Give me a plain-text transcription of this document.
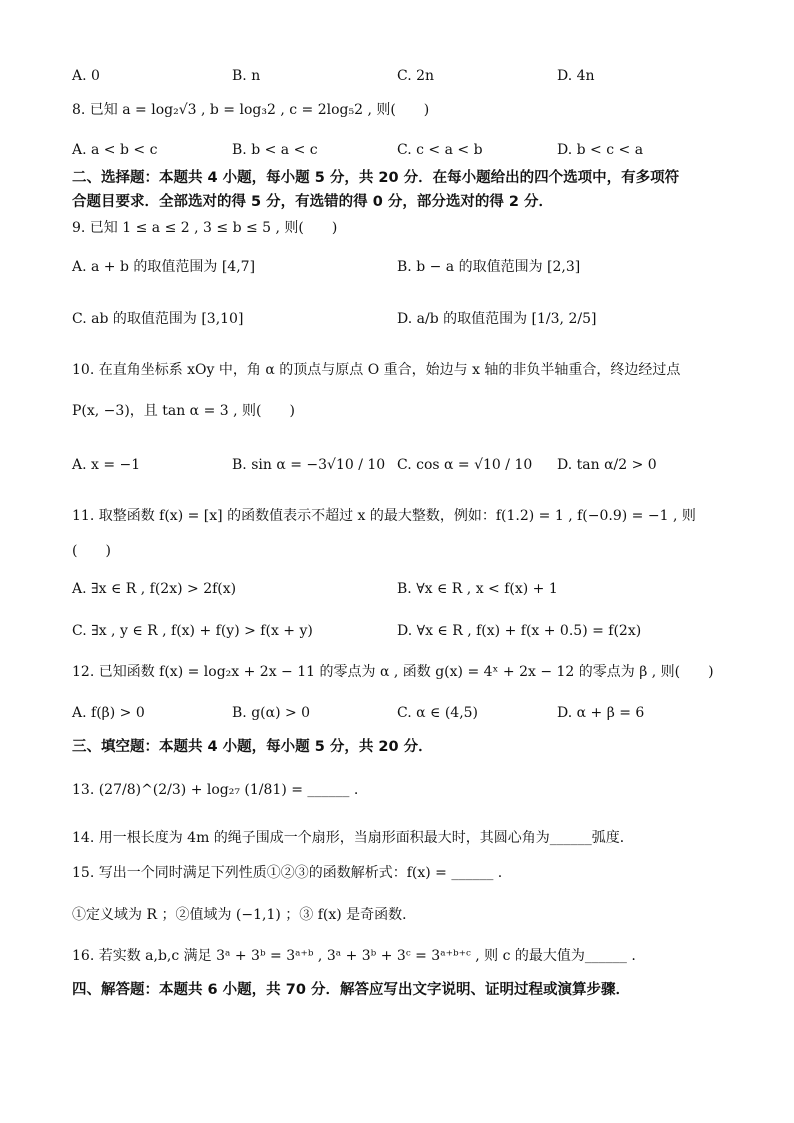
A. 0	B. n	C. 2n	D. 4n
8. 已知 a = log₂√3 , b = log₃2 , c = 2log₅2 , 则(　　)
A. a < b < c	B. b < a < c	C. c < a < b	D. b < c < a
二、选择题：本题共 4 小题，每小题 5 分，共 20 分．在每小题给出的四个选项中，有多项符
合题目要求．全部选对的得 5 分，有选错的得 0 分，部分选对的得 2 分．
9. 已知 1 ≤ a ≤ 2 , 3 ≤ b ≤ 5 , 则(　　)
A. a + b 的取值范围为 [4,7]	B. b − a 的取值范围为 [2,3]
C. ab 的取值范围为 [3,10]	D. a/b 的取值范围为 [1/3, 2/5]
10. 在直角坐标系 xOy 中，角 α 的顶点与原点 O 重合，始边与 x 轴的非负半轴重合，终边经过点
P(x, −3)，且 tan α = 3 , 则(　　)
A. x = −1	B. sin α = −3√10 / 10 C. cos α = √10 / 10 D. tan α/2 > 0
11. 取整函数 f(x) = [x] 的函数值表示不超过 x 的最大整数，例如：f(1.2) = 1 , f(−0.9) = −1 , 则
(　　)
A. ∃x ∈ R , f(2x) > 2f(x)	B. ∀x ∈ R , x < f(x) + 1
C. ∃x , y ∈ R , f(x) + f(y) > f(x + y)	D. ∀x ∈ R , f(x) + f(x + 0.5) = f(2x)
12. 已知函数 f(x) = log₂x + 2x − 11 的零点为 α , 函数 g(x) = 4ˣ + 2x − 12 的零点为 β , 则(　　)
A. f(β) > 0	B. g(α) > 0	C. α ∈ (4,5)	D. α + β = 6
三、填空题：本题共 4 小题，每小题 5 分，共 20 分．
13. (27/8)^(2/3) + log₂₇ (1/81) = ______ .
14. 用一根长度为 4m 的绳子围成一个扇形，当扇形面积最大时，其圆心角为______弧度．
15. 写出一个同时满足下列性质①②③的函数解析式：f(x) = ______ .
①定义域为 R ；②值域为 (−1,1) ；③ f(x) 是奇函数．
16. 若实数 a,b,c 满足 3ᵃ + 3ᵇ = 3ᵃ⁺ᵇ , 3ᵃ + 3ᵇ + 3ᶜ = 3ᵃ⁺ᵇ⁺ᶜ , 则 c 的最大值为______ .
四、解答题：本题共 6 小题，共 70 分．解答应写出文字说明、证明过程或演算步骤．
